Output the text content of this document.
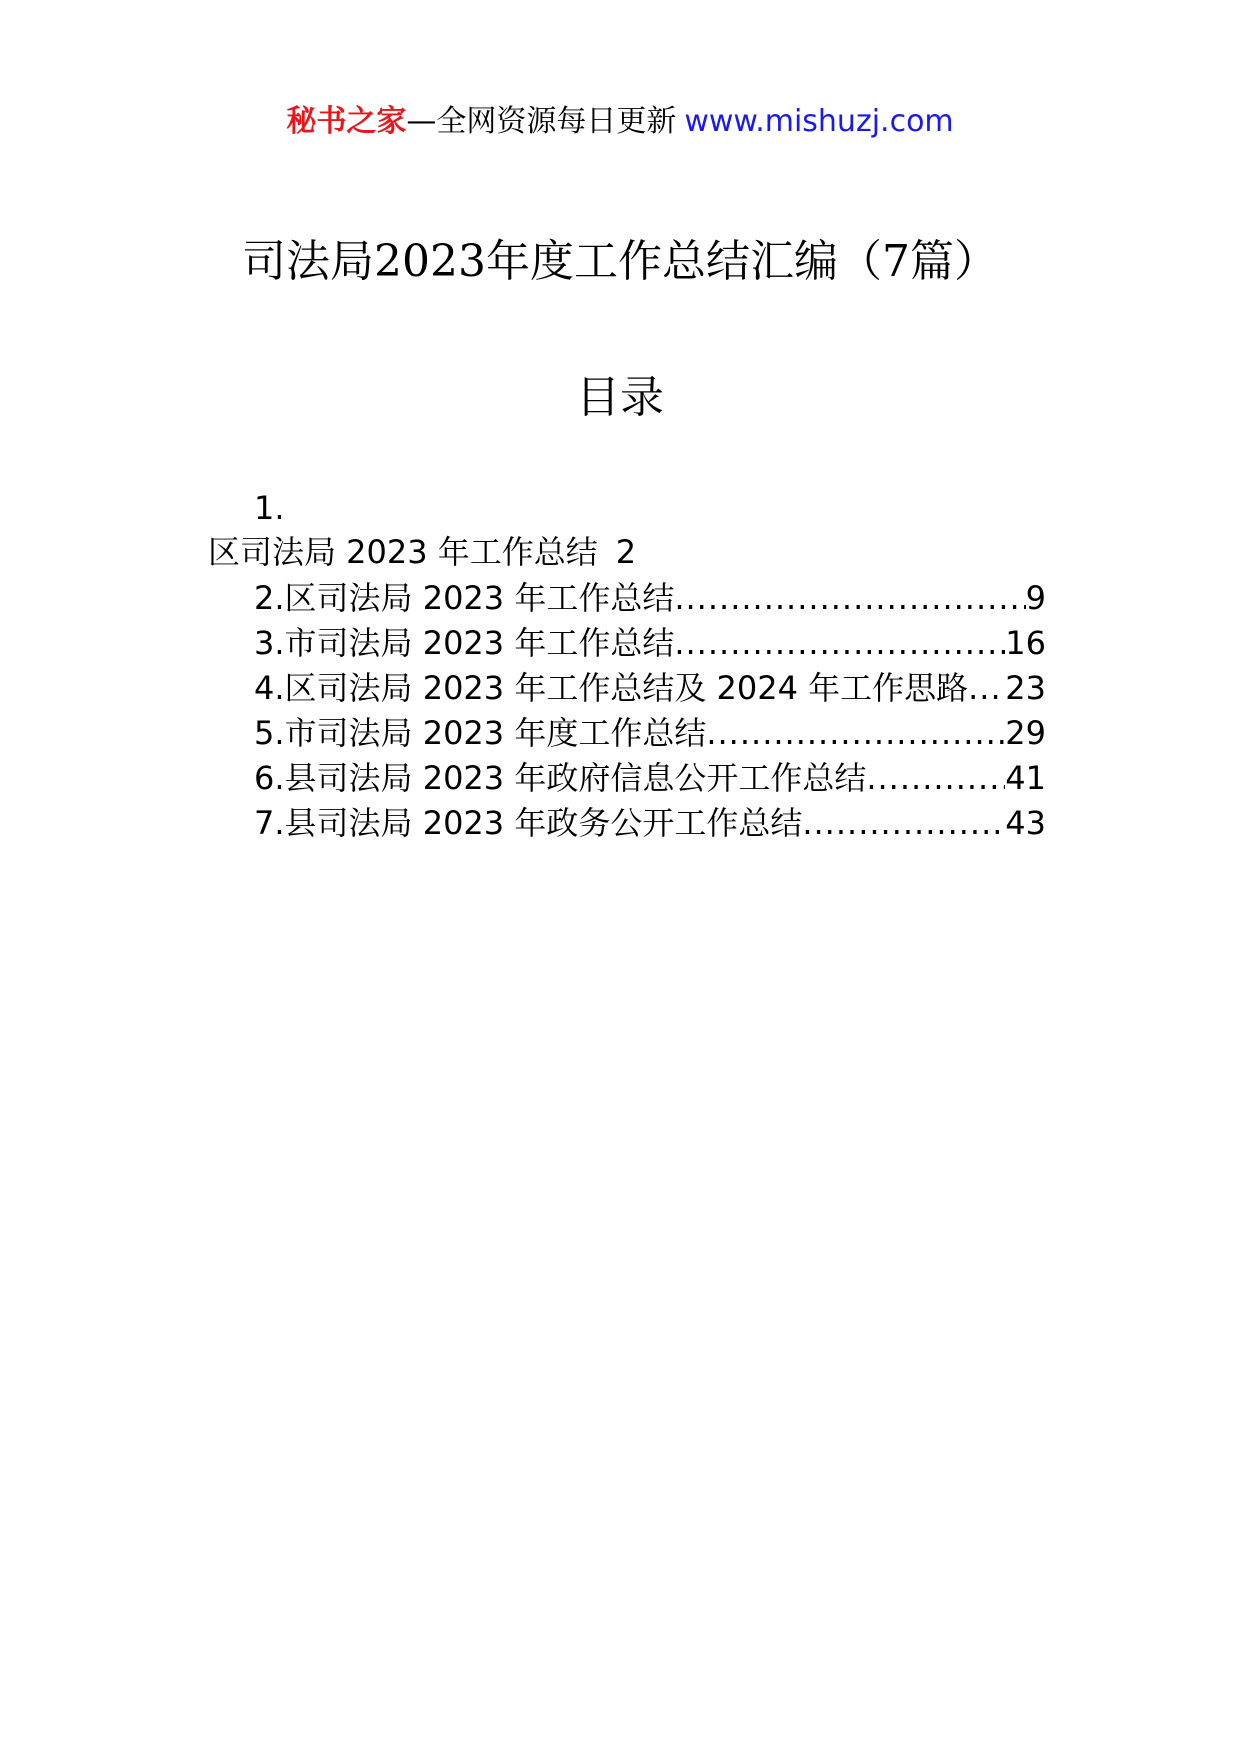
秘书之家—全网资源每日更新 www.mishuzj.com
司法局2023年度工作总结汇编（7篇）
目录
1.
区司法局 2023 年工作总结 2
2.区司法局 2023 年工作总结 .....	9
3.市司法局 2023 年工作总结 .....	16
4.区司法局 2023 年工作总结及 2024 年工作思路 ..... 23
5.市司法局 2023 年度工作总结 .....	29
6.县司法局 2023 年政府信息公开工作总结 .....	41
7.县司法局 2023 年政务公开工作总结 .....	43
